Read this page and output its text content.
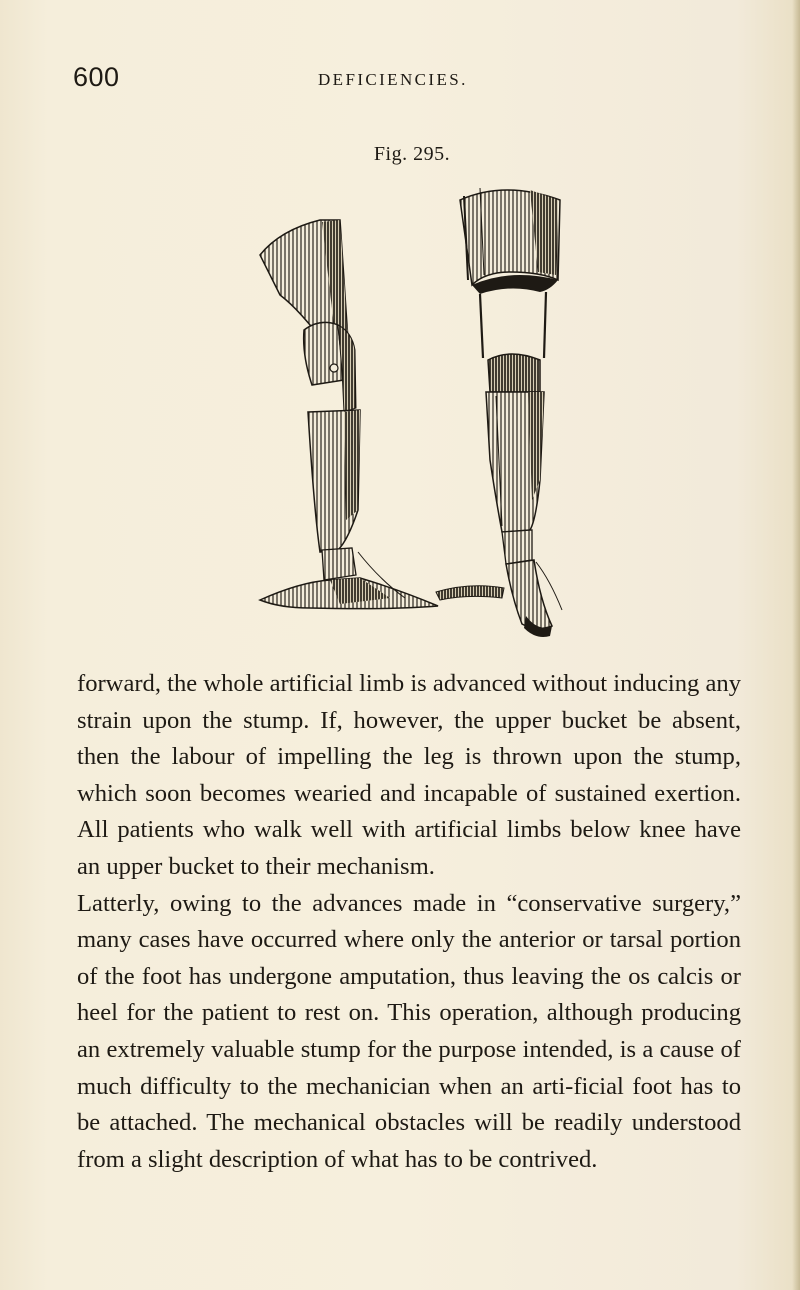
600	DEFICIENCIES.
Fig. 295.

forward, the whole artificial limb is advanced without inducing any strain upon the stump. If, however, the upper bucket be absent, then the labour of impelling the leg is thrown upon the stump, which soon becomes wearied and incapable of sustained exertion. All patients who walk well with artificial limbs below knee have an upper bucket to their mechanism.

Latterly, owing to the advances made in “conservative surgery,” many cases have occurred where only the anterior or tarsal portion of the foot has undergone amputation, thus leaving the os calcis or heel for the patient to rest on. This operation, although producing an extremely valuable stump for the purpose intended, is a cause of much difficulty to the mechanician when an arti-ficial foot has to be attached. The mechanical obstacles will be readily understood from a slight description of what has to be contrived.
